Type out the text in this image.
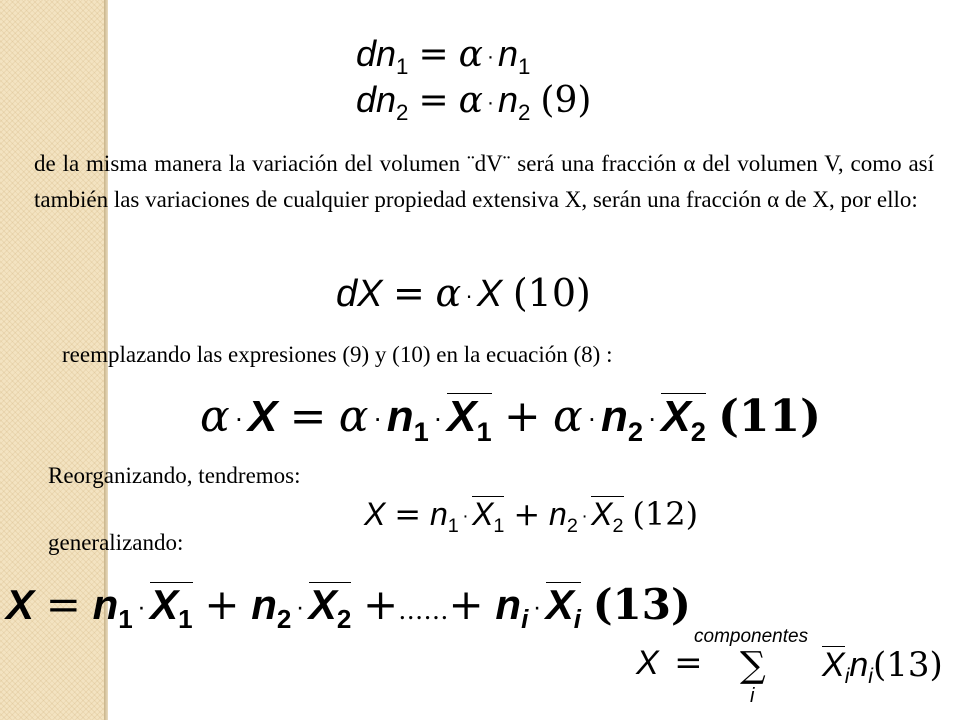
$dn_1 = \alpha \cdot n_1$
$dn_2 = \alpha \cdot n_2$ (9)
de la misma manera la variación del volumen ¨dV¨ será una fracción α del volumen V, como así también las variaciones de cualquier propiedad extensiva X, serán una fracción α de X, por ello:
dX = α · X (10)
reemplazando las expresiones (9) y (10) en la ecuación (8) :
$\alpha \cdot X = \alpha \cdot n_1 \cdot X_1 + \alpha \cdot n_2 \cdot X_2$ (11)
Reorganizando, tendremos:
$X = n_1 \cdot X_1 + n_2 \cdot X_2$ (12)
generalizando:
$X = n_1 \cdot X_1 + n_2 \cdot X_2$ +……+ $n_i \cdot X_i$ (13)
X =
componentes
∑
i
$X_in_i(13)$
